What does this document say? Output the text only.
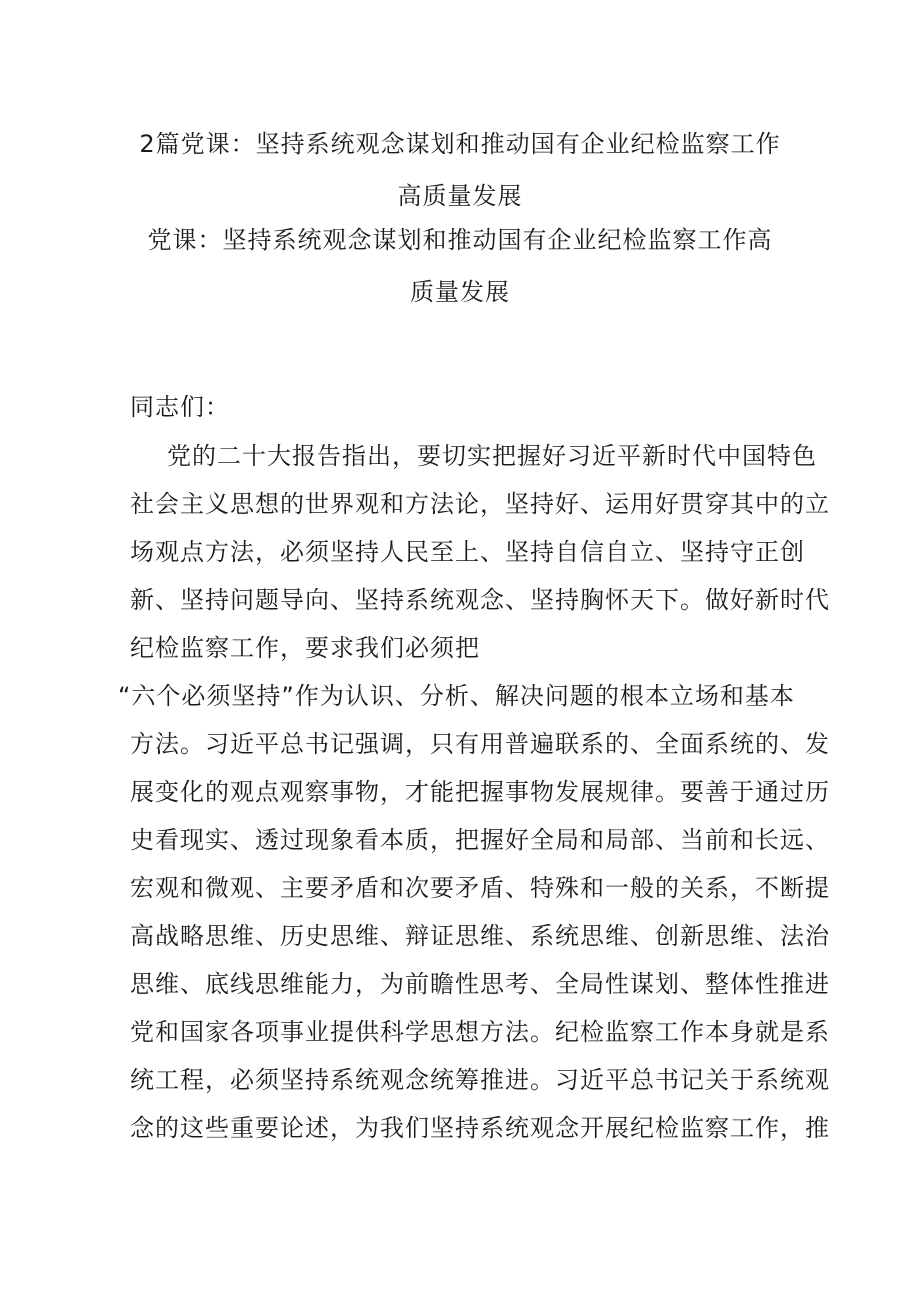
2篇党课：坚持系统观念谋划和推动国有企业纪检监察工作
高质量发展
党课：坚持系统观念谋划和推动国有企业纪检监察工作高
质量发展
同志们：
　党的二十大报告指出，要切实把握好习近平新时代中国特色
社会主义思想的世界观和方法论，坚持好、运用好贯穿其中的立
场观点方法，必须坚持人民至上、坚持自信自立、坚持守正创
新、坚持问题导向、坚持系统观念、坚持胸怀天下。做好新时代
纪检监察工作，要求我们必须把
“六个必须坚持”作为认识、分析、解决问题的根本立场和基本
方法。习近平总书记强调，只有用普遍联系的、全面系统的、发
展变化的观点观察事物，才能把握事物发展规律。要善于通过历
史看现实、透过现象看本质，把握好全局和局部、当前和长远、
宏观和微观、主要矛盾和次要矛盾、特殊和一般的关系，不断提
高战略思维、历史思维、辩证思维、系统思维、创新思维、法治
思维、底线思维能力，为前瞻性思考、全局性谋划、整体性推进
党和国家各项事业提供科学思想方法。纪检监察工作本身就是系
统工程，必须坚持系统观念统筹推进。习近平总书记关于系统观
念的这些重要论述，为我们坚持系统观念开展纪检监察工作，推
